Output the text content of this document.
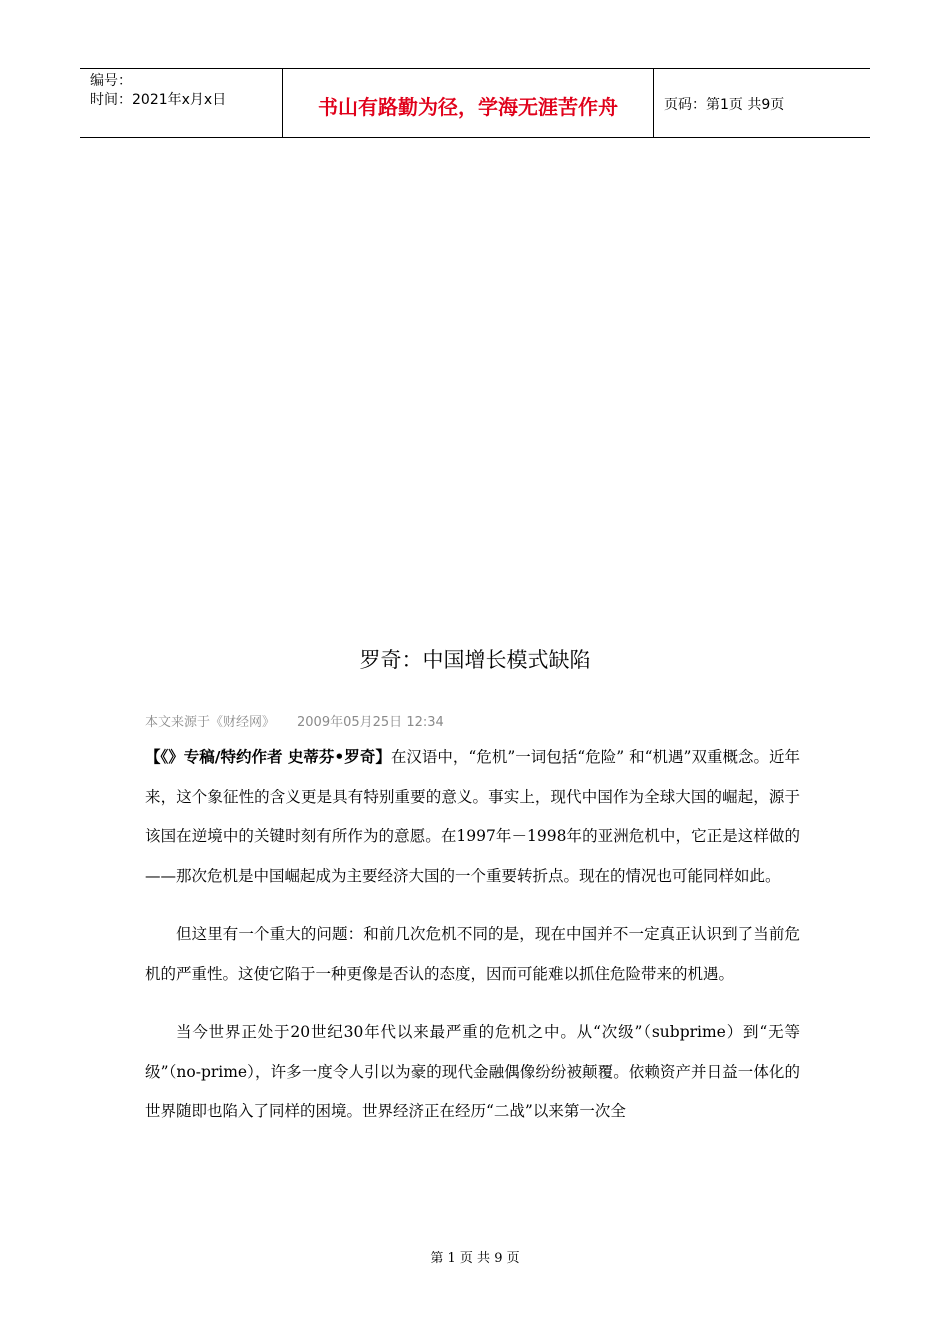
编号：
时间：2021年x月x日	书山有路勤为径，学海无涯苦作舟	页码：第1页 共9页
罗奇：中国增长模式缺陷
本文来源于《财经网》 2009年05月25日 12:34

【《》专稿/特约作者 史蒂芬•罗奇】在汉语中，“危机”一词包括“危险” 和“机遇”双重概念。近年来，这个象征性的含义更是具有特别重要的意义。事实上，现代中国作为全球大国的崛起，源于该国在逆境中的关键时刻有所作为的意愿。在1997年－1998年的亚洲危机中，它正是这样做的——那次危机是中国崛起成为主要经济大国的一个重要转折点。现在的情况也可能同样如此。

但这里有一个重大的问题：和前几次危机不同的是，现在中国并不一定真正认识到了当前危机的严重性。这使它陷于一种更像是否认的态度，因而可能难以抓住危险带来的机遇。

当今世界正处于20世纪30年代以来最严重的危机之中。从“次级”（subprime）到“无等级”（no-prime），许多一度令人引以为豪的现代金融偶像纷纷被颠覆。依赖资产并日益一体化的世界随即也陷入了同样的困境。世界经济正在经历“二战”以来第一次全

第 1 页 共 9 页
